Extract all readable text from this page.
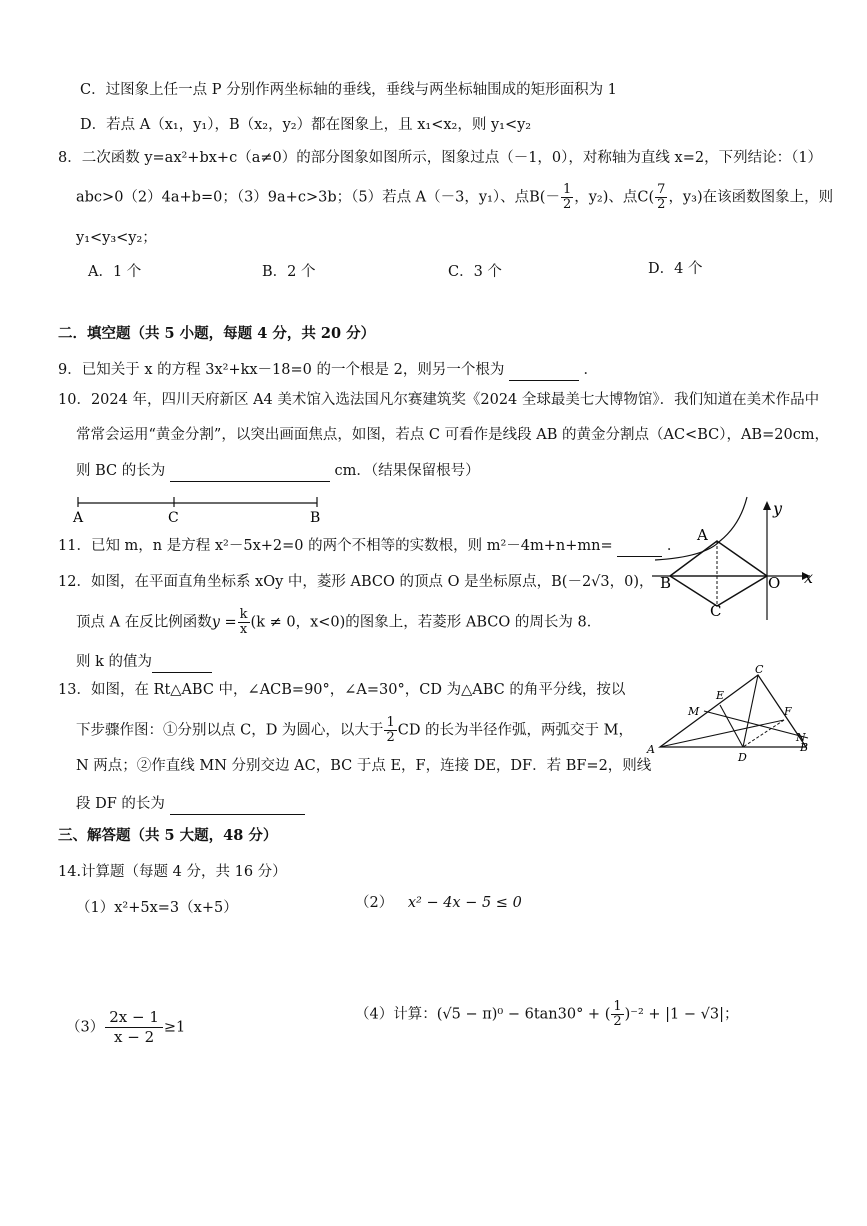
C．过图象上任一点 P 分别作两坐标轴的垂线，垂线与两坐标轴围成的矩形面积为 1
D．若点 A（x₁，y₁），B（x₂，y₂）都在图象上，且 x₁<x₂，则 y₁<y₂
8．二次函数 y=ax²+bx+c（a≠0）的部分图象如图所示，图象过点（－1，0），对称轴为直线 x=2，下列结论：（1）
abc>0（2）4a+b=0；（3）9a+c>3b；（5）若点 A（－3，y₁）、点$B(- \frac{1}{2}$ ，y₂)、点$C( \frac{7}{2}$ ，y₃)在该函数图象上，则
y₁<y₃<y₂；
A．1 个	B．2 个	C．3 个	D．4 个
二．填空题（共 5 小题，每题 4 分，共 20 分）
9．已知关于 x 的方程 3x²+kx－18=0 的一个根是 2，则另一个根为	．
10．2024 年，四川天府新区 A4 美术馆入选法国凡尔赛建筑奖《2024 全球最美七大博物馆》．我们知道在美术作品中
常常会运用“黄金分割”，以突出画面焦点，如图，若点 C 可看作是线段 AB 的黄金分割点（AC<BC），AB=20cm，
则 BC 的长为	cm．（结果保留根号）
A	C	B
11．已知 m，n 是方程 x²－5x+2=0 的两个不相等的实数根，则 m²－4m+n+mn=	．
12．如图，在平面直角坐标系 xOy 中，菱形 ABCO 的顶点 O 是坐标原点，B(－2√3，0)，
顶点 A 在反比例函数$y = \frac{k}{x} (k \ne 0$，x<0)的图象上，若菱形 ABCO 的周长为 8．
则 k 的值为
y
x
A
B
C
O
13．如图，在 Rt△ABC 中，∠ACB=90°，∠A=30°，CD 为△ABC 的角平分线，按以
下步骤作图：①分别以点 C，D 为圆心，以大于 $\frac{1}{2}$ CD 的长为半径作弧，两弧交于 M，
N 两点；②作直线 MN 分别交边 AC，BC 于点 E，F，连接 DE，DF．若 BF=2，则线
段 DF 的长为
A
C
B
D
E
F
M
N
三、解答题（共 5 大题，48 分）
14.计算题（每题 4 分，共 16 分）
（1）x²+5x=3（x+5）	（2） x² − 4x − 5 ≤ 0
$(3) \frac{2x - 1}{x - 2} \ge 1$
（4）计算：(√5 − π)⁰ − 6tan30° + ( $\frac{1}{2} )^{-2} + |1 - √3|$；
